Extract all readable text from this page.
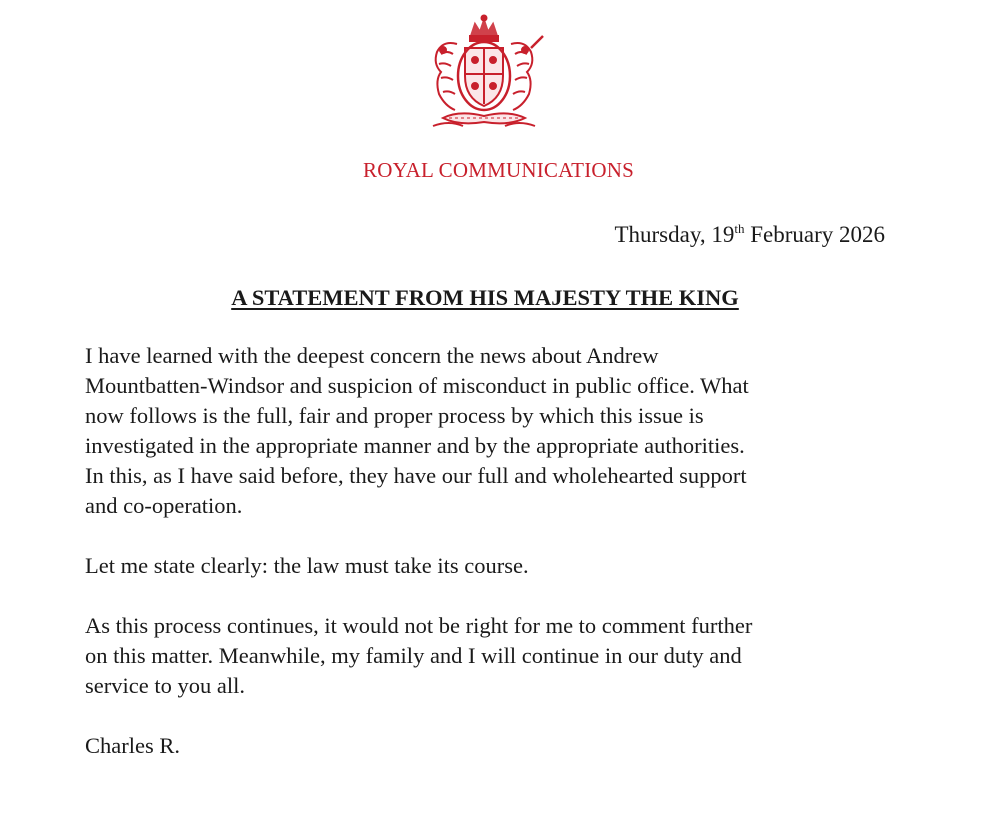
ROYAL COMMUNICATIONS
Thursday, 19th February 2026
A STATEMENT FROM HIS MAJESTY THE KING

I have learned with the deepest concern the news about Andrew
Mountbatten-Windsor and suspicion of misconduct in public office. What
now follows is the full, fair and proper process by which this issue is
investigated in the appropriate manner and by the appropriate authorities.
In this, as I have said before, they have our full and wholehearted support
and co-operation.

Let me state clearly: the law must take its course.

As this process continues, it would not be right for me to comment further
on this matter. Meanwhile, my family and I will continue in our duty and
service to you all.

Charles R.
